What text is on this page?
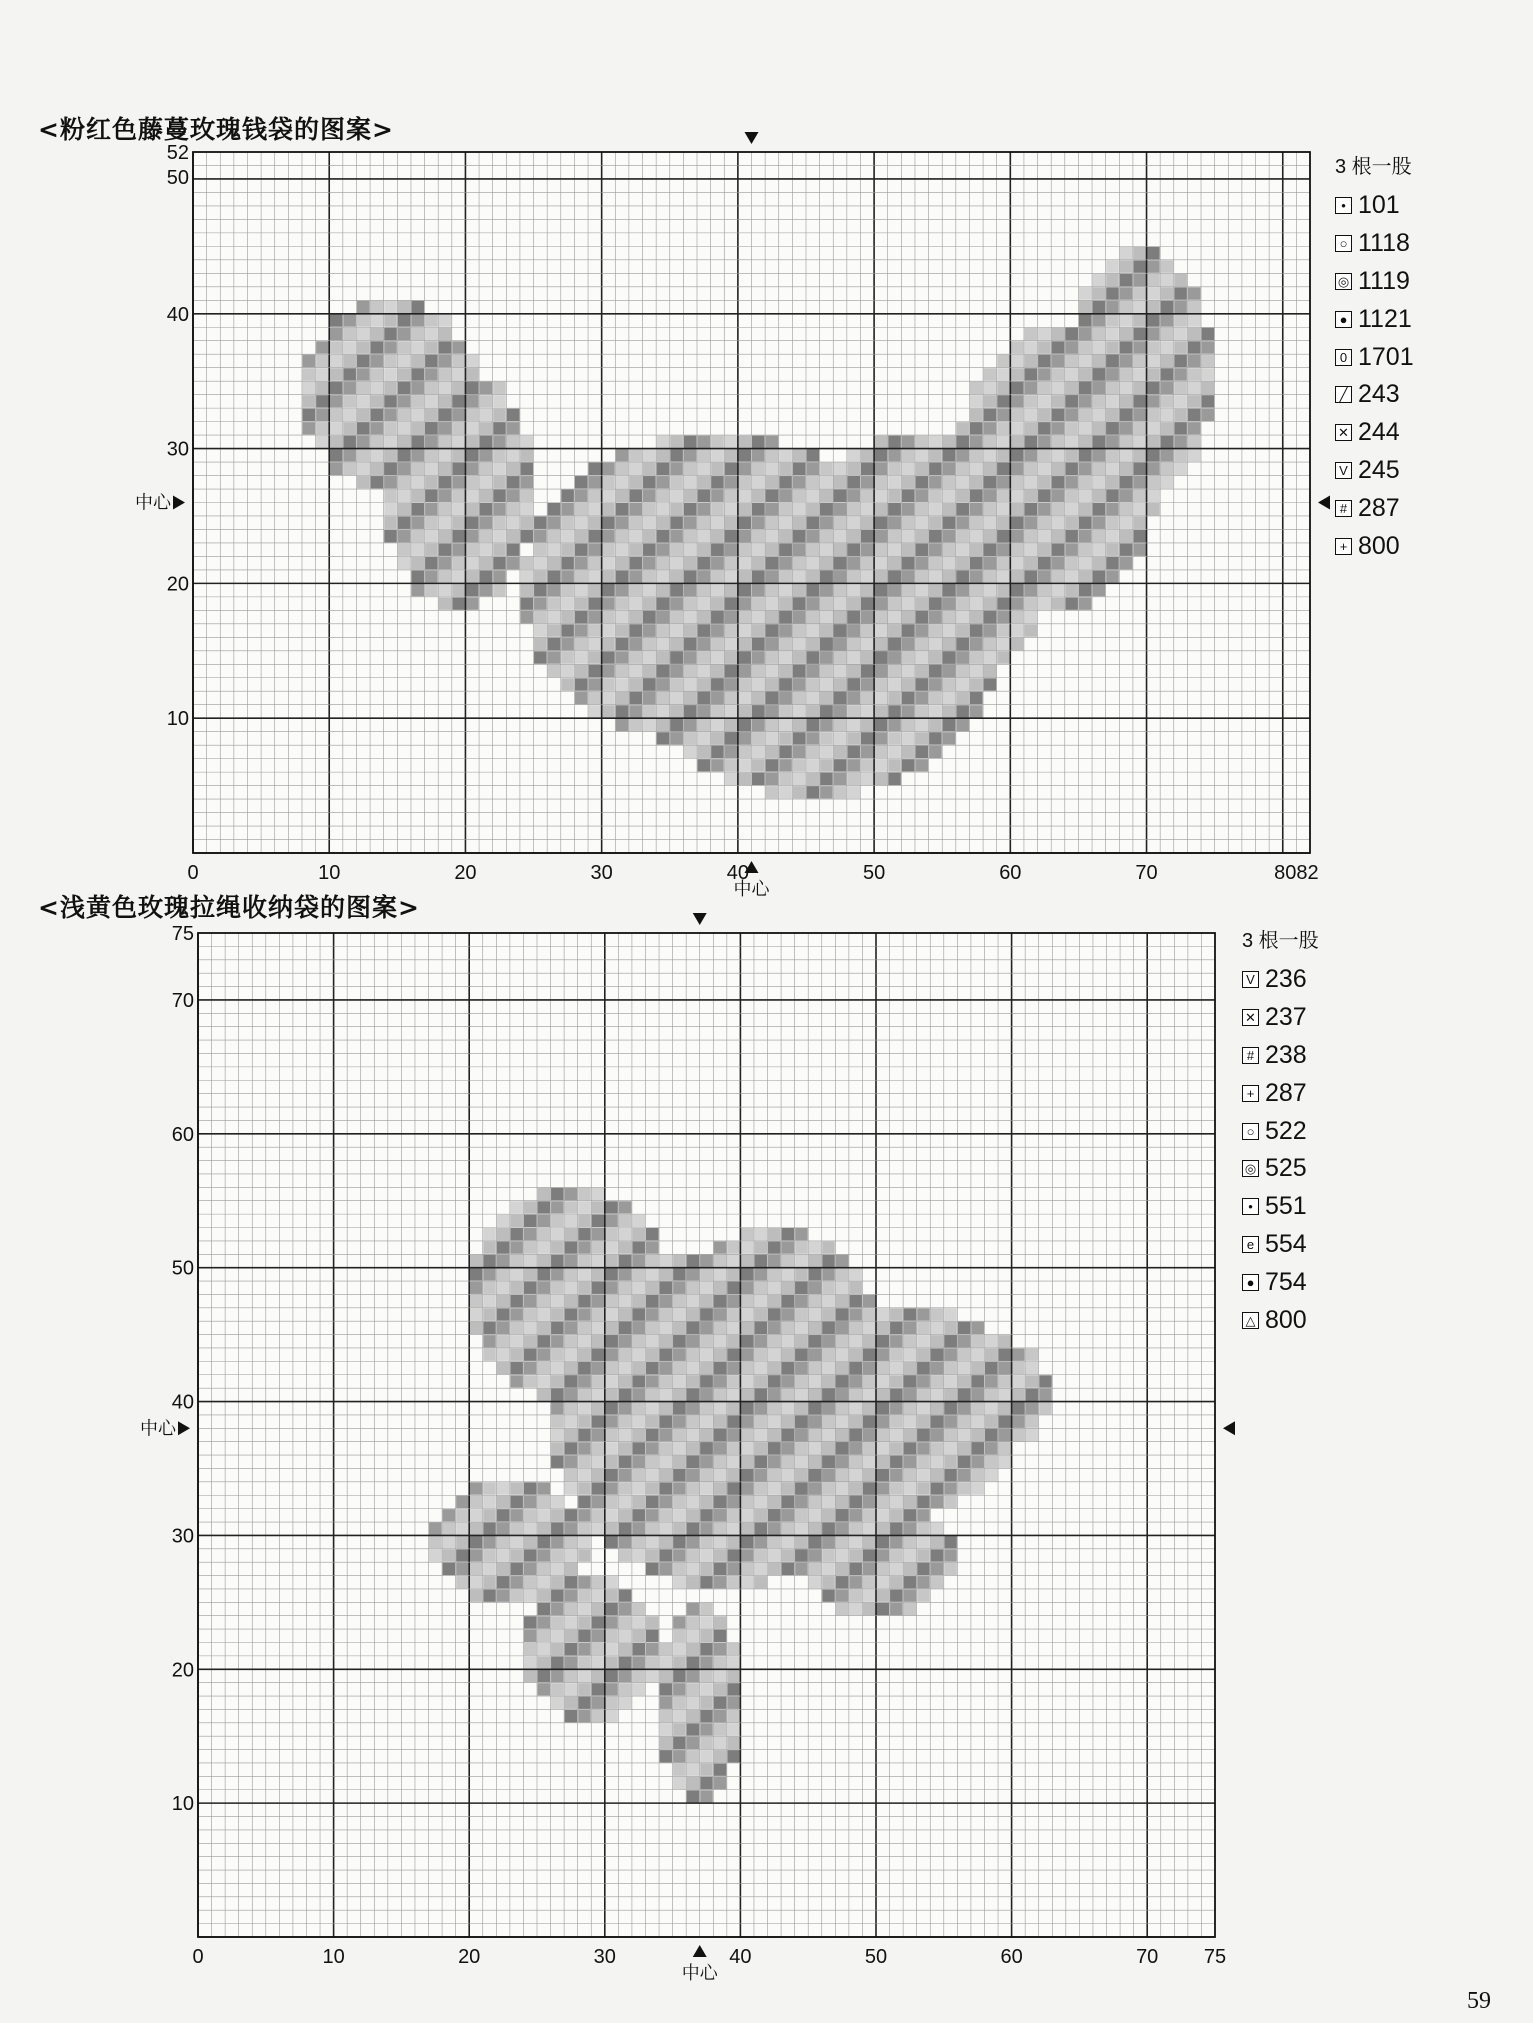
<粉红色藤蔓玫瑰钱袋的图案>
<浅黄色玫瑰拉绳收纳袋的图案>
0	10	20	30	40	50	60	70	8082
52
50
40
30
20
10
中心
中心
0	10	20	30	40	50	60	70 75
75
70
60
50
40
30
20
10
中心
中心
3 根一股
• 101
○ 1118
◎ 1119
● 1121
0 1701
╱ 243
✕ 244
V 245
# 287
+ 800
3 根一股
V 236
✕ 237
# 238
+ 287
○ 522
◎ 525
• 551
e 554
● 754
△ 800
59
